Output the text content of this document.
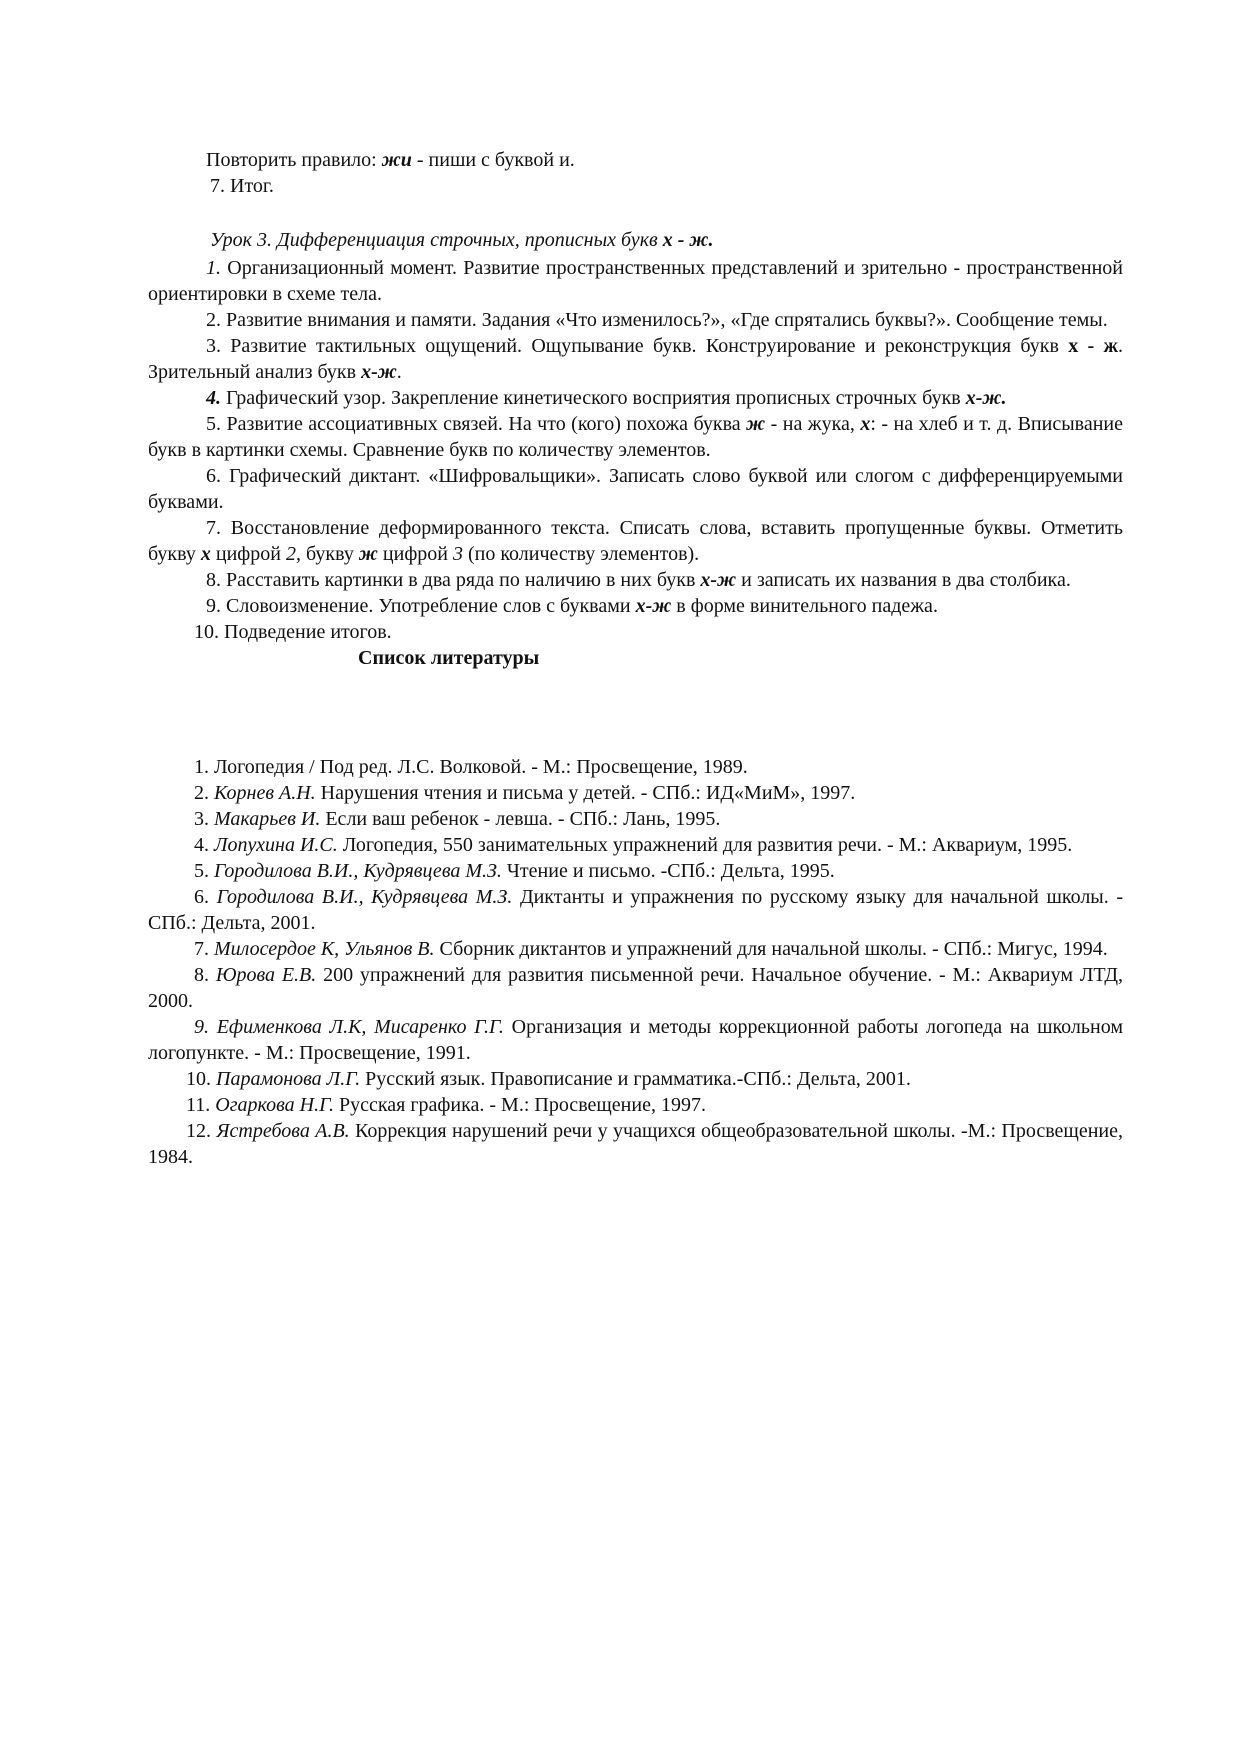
Повторить правило: жи - пиши с буквой и.

7. Итог.

Урок 3. Дифференциация строчных, прописных букв х - ж.

1. Организационный момент. Развитие пространственных представлений и зрительно - пространственной ориентировки в схеме тела.

2. Развитие внимания и памяти. Задания «Что изменилось?», «Где спрятались буквы?». Сообщение темы.

3. Развитие тактильных ощущений. Ощупывание букв. Конструирование и реконструкция букв х - ж. Зрительный анализ букв х-ж.

4. Графический узор. Закрепление кинетического восприятия прописных строчных букв х-ж.

5. Развитие ассоциативных связей. На что (кого) похожа буква ж - на жука, х: - на хлеб и т. д. Вписывание букв в картинки схемы. Сравнение букв по количеству элементов.

6. Графический диктант. «Шифровальщики». Записать слово буквой или слогом с дифференцируемыми буквами.

7. Восстановление деформированного текста. Списать слова, вставить пропущенные буквы. Отметить букву х цифрой 2, букву ж цифрой 3 (по количеству элементов).

8. Расставить картинки в два ряда по наличию в них букв х-ж и записать их названия в два столбика.

9. Словоизменение. Употребление слов с буквами х-ж в форме винительного падежа.

10. Подведение итогов.

Список литературы

1. Логопедия / Под ред. Л.С. Волковой. - М.: Просвещение, 1989.

2. Корнев А.Н. Нарушения чтения и письма у детей. - СПб.: ИД«МиМ», 1997.

3. Макарьев И. Если ваш ребенок - левша. - СПб.: Лань, 1995.

4. Лопухина И.С. Логопедия, 550 занимательных упражнений для развития речи. - М.: Аквариум, 1995.

5. Городилова В.И., Кудрявцева М.З. Чтение и письмо. -СПб.: Дельта, 1995.

6. Городилова В.И., Кудрявцева М.З. Диктанты и упражнения по русскому языку для начальной школы. - СПб.: Дельта, 2001.

7. Милосердое К, Ульянов В. Сборник диктантов и упражнений для начальной школы. - СПб.: Мигус, 1994.

8. Юрова Е.В. 200 упражнений для развития письменной речи. Начальное обучение. - М.: Аквариум ЛТД, 2000.

9. Ефименкова Л.К, Мисаренко Г.Г. Организация и методы коррекционной работы логопеда на школьном логопункте. - М.: Просвещение, 1991.

10. Парамонова Л.Г. Русский язык. Правописание и грамматика.-СПб.: Дельта, 2001.

11. Огаркова Н.Г. Русская графика. - М.: Просвещение, 1997.

12. Ястребова А.В. Коррекция нарушений речи у учащихся общеобразовательной школы. -М.: Просвещение, 1984.
